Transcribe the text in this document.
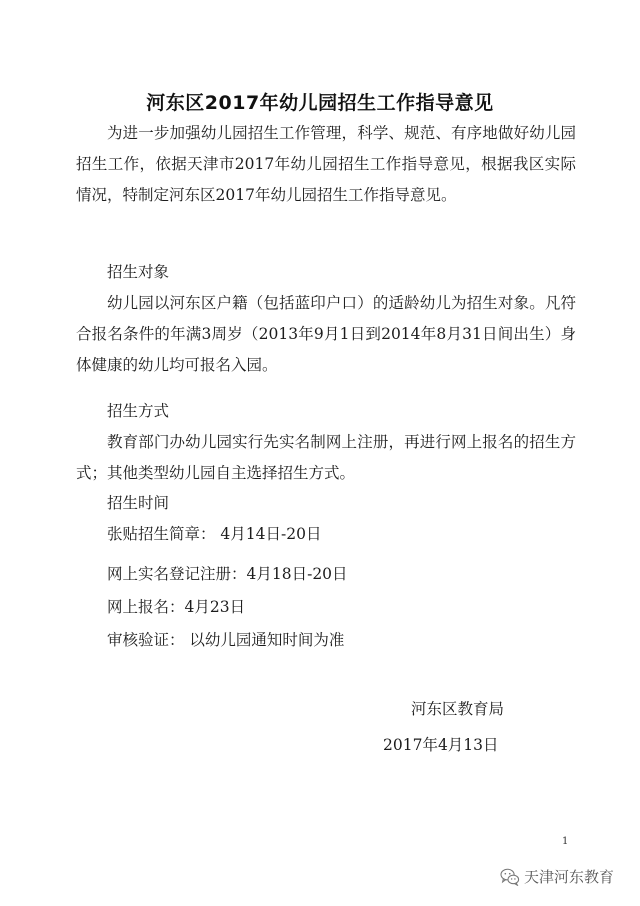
河东区2017年幼儿园招生工作指导意见

为进一步加强幼儿园招生工作管理，科学、规范、有序地做好幼儿园招生工作，依据天津市2017年幼儿园招生工作指导意见，根据我区实际情况，特制定河东区2017年幼儿园招生工作指导意见。

招生对象

幼儿园以河东区户籍（包括蓝印户口）的适龄幼儿为招生对象。凡符合报名条件的年满3周岁（2013年9月1日到2014年8月31日间出生）身体健康的幼儿均可报名入园。

招生方式

教育部门办幼儿园实行先实名制网上注册，再进行网上报名的招生方式；其他类型幼儿园自主选择招生方式。

招生时间

张贴招生简章： 4月14日-20日

网上实名登记注册：4月18日-20日

网上报名：4月23日

审核验证： 以幼儿园通知时间为准

河东区教育局
2017年4月13日
1
天津河东教育
